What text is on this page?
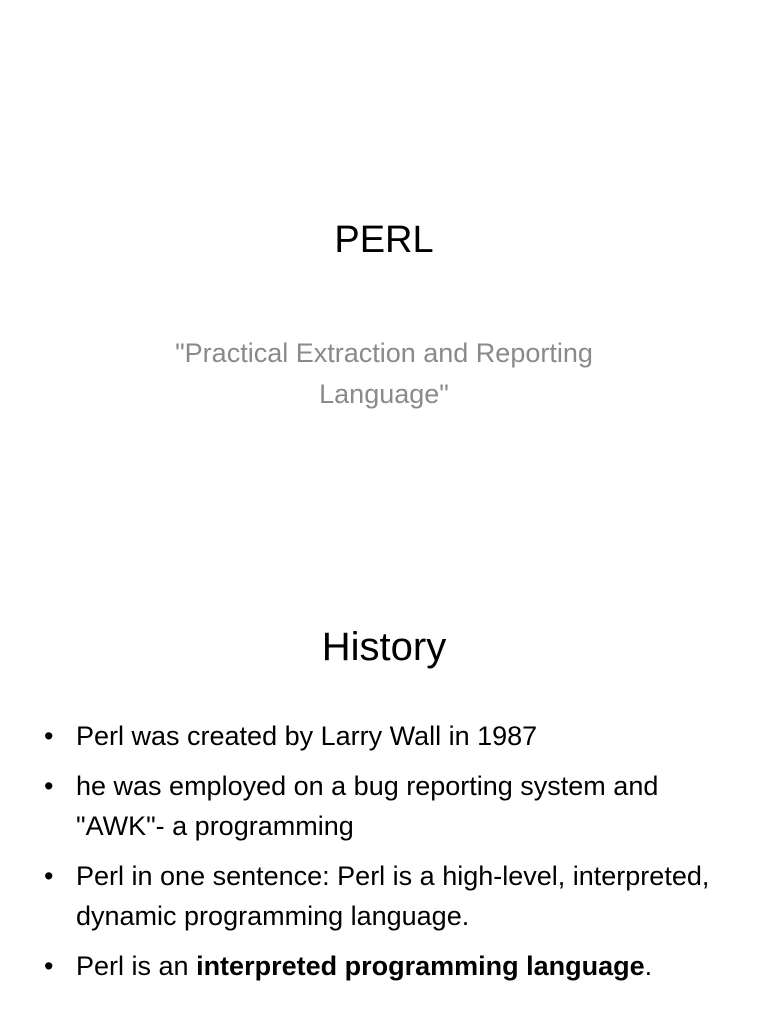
PERL

"Practical Extraction and Reporting Language"

History
• Perl was created by Larry Wall in 1987
• he was employed on a bug reporting system and "AWK"- a programming
• Perl in one sentence: Perl is a high-level, interpreted, dynamic programming language.
• Perl is an interpreted programming language.
